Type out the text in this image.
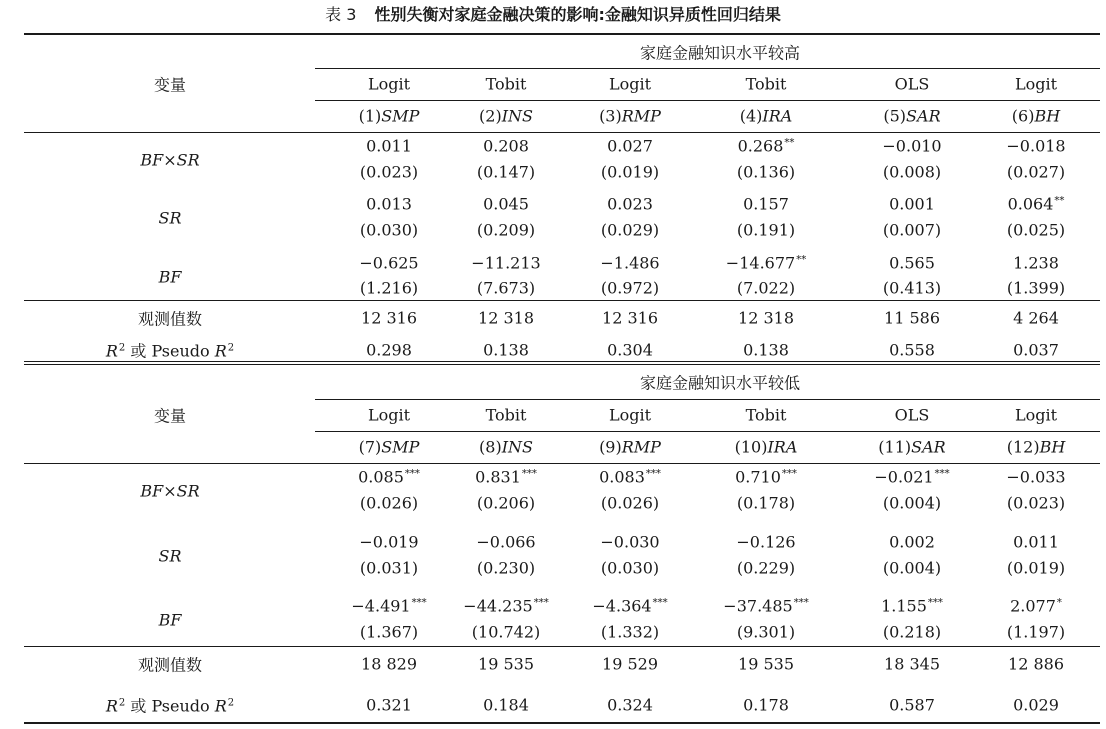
表 3 性别失衡对家庭金融决策的影响:金融知识异质性回归结果
家庭金融知识水平较高
变量	Logit	Tobit	Logit	Tobit	OLS	Logit
(1)SMP	(2)INS	(3)RMP	(4)IRA	(5)SAR	(6)BH
BF×SR
0.011	0.208	0.027	0.268**	−0.010	−0.018
(0.023)	(0.147)	(0.019)	(0.136)	(0.008)	(0.027)
SR
0.013	0.045	0.023	0.157	0.001	0.064**
(0.030)	(0.209)	(0.029)	(0.191)	(0.007)	(0.025)
BF
−0.625	−11.213	−1.486	−14.677**	0.565	1.238
(1.216)	(7.673)	(0.972)	(7.022)	(0.413)	(1.399)
观测值数	12 316	12 318	12 316	12 318	11 586	4 264
$R^2$ 或 Pseudo $R^2$	0.298	0.138	0.304	0.138	0.558	0.037
家庭金融知识水平较低
变量	Logit	Tobit	Logit	Tobit	OLS	Logit
(7)SMP	(8)INS	(9)RMP	(10)IRA	(11)SAR	(12)BH
BF×SR
0.085***	0.831***	0.083***	0.710***	−0.021***	−0.033
(0.026)	(0.206)	(0.026)	(0.178)	(0.004)	(0.023)
SR
−0.019	−0.066	−0.030	−0.126	0.002	0.011
(0.031)	(0.230)	(0.030)	(0.229)	(0.004)	(0.019)
BF
−4.491*** −44.235***	−4.364***	−37.485***	1.155***	2.077*
(1.367)	(10.742)	(1.332)	(9.301)	(0.218)	(1.197)
观测值数	18 829	19 535	19 529	19 535	18 345	12 886
$R^2$ 或 Pseudo $R^2$	0.321	0.184	0.324	0.178	0.587	0.029
